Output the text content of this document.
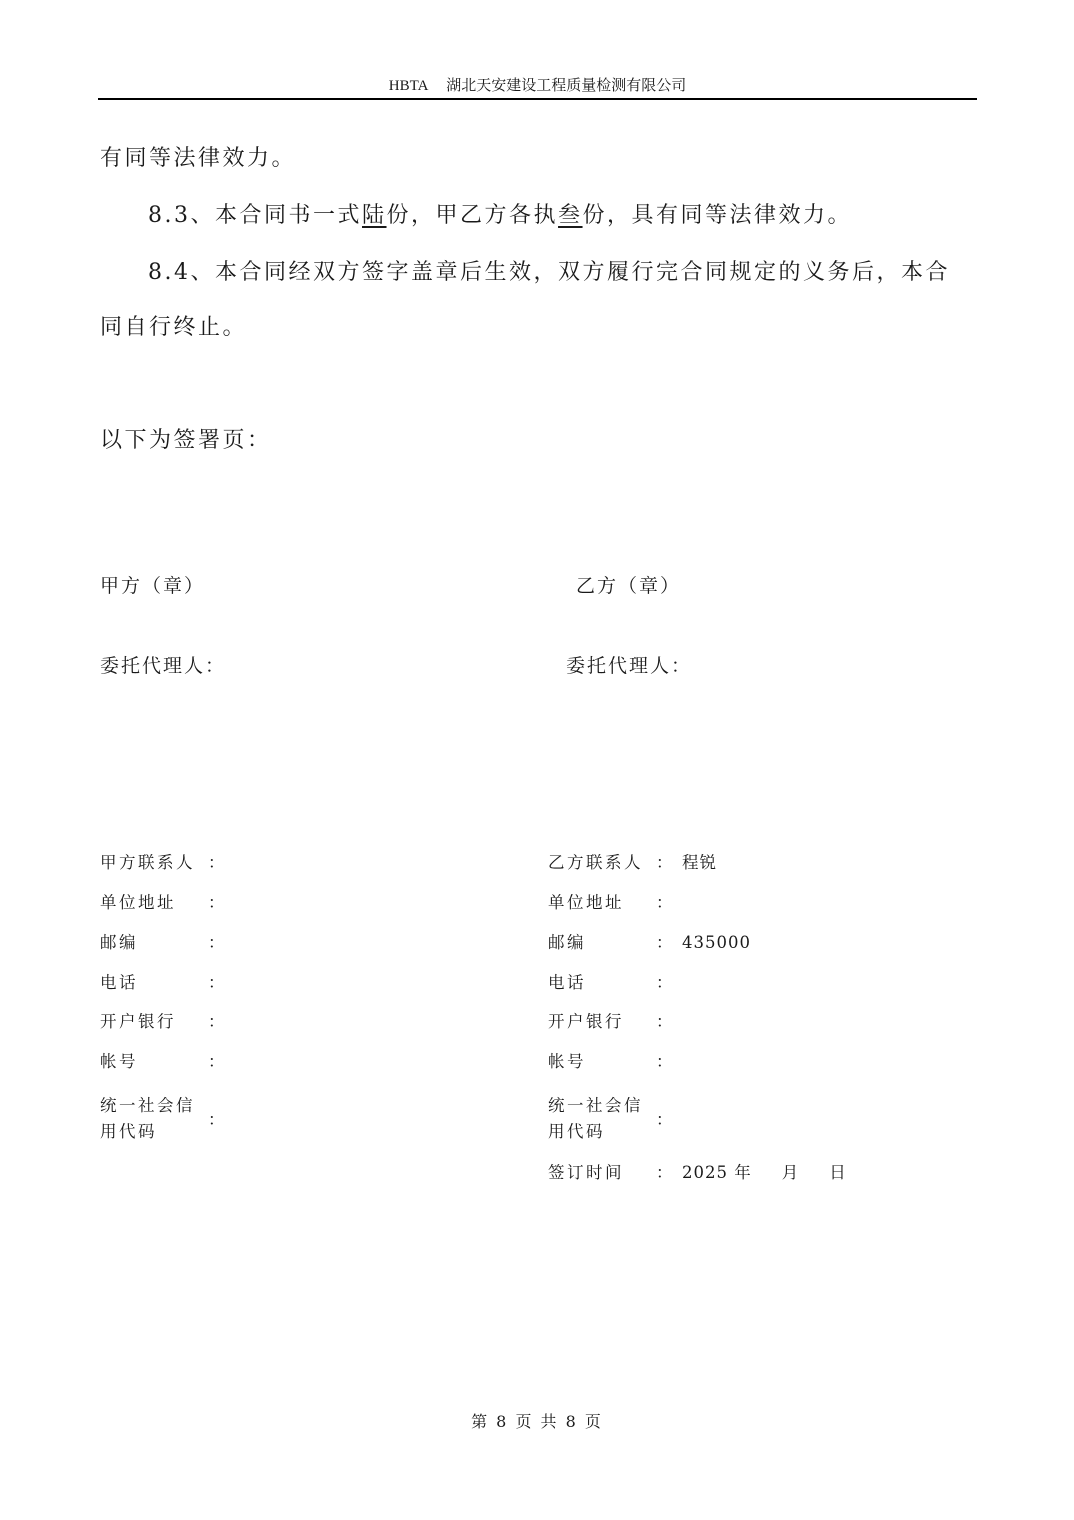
HBTA 湖北天安建设工程质量检测有限公司

有同等法律效力。

8.3、本合同书一式陆份，甲乙方各执叁份，具有同等法律效力。

8.4、本合同经双方签字盖章后生效，双方履行完合同规定的义务后，本合

同自行终止。

以下为签署页：

甲方（章）	乙方（章）
委托代理人：	委托代理人：
甲方联系人 ：
单位地址	：
邮编	：
电话	：
开户银行	：
帐号	：
统一社会信
用代码
：
乙方联系人 ： 程锐
单位地址	：
邮编	： 435000
电话	：
开户银行	：
帐号	：
统一社会信
用代码
：
签订时间	： 2025 年 月 日
第 8 页 共 8 页
